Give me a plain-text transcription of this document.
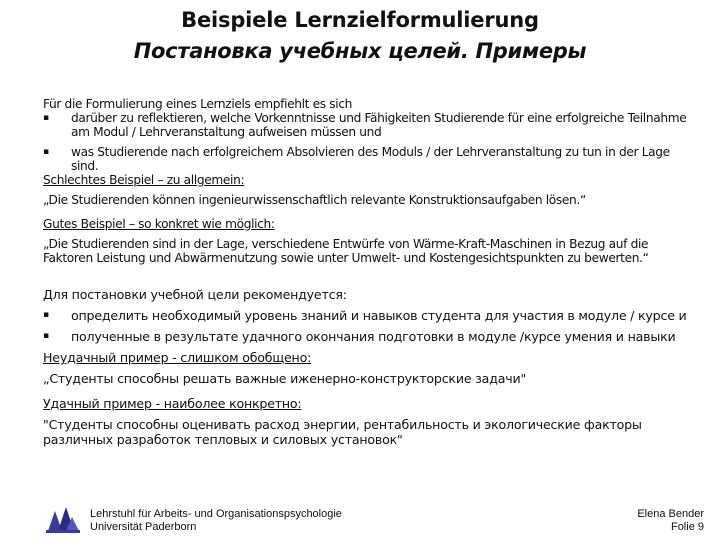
Beispiele Lernzielformulierung
Постановка учебных целей. Примеры

Für die Formulierung eines Lernziels empfiehlt es sich

▪	darüber zu reflektieren, welche Vorkenntnisse und Fähigkeiten Studierende für eine erfolgreiche Teilnahme am Modul / Lehrveranstaltung aufweisen müssen und
▪	was Studierende nach erfolgreichem Absolvieren des Moduls / der Lehrveranstaltung zu tun in der Lage sind.

Schlechtes Beispiel – zu allgemein:

„Die Studierenden können ingenieurwissenschaftlich relevante Konstruktionsaufgaben lösen.“

Gutes Beispiel – so konkret wie möglich:

„Die Studierenden sind in der Lage, verschiedene Entwürfe von Wärme-Kraft-Maschinen in Bezug auf die Faktoren Leistung und Abwärmenutzung sowie unter Umwelt- und Kostengesichtspunkten zu bewerten.“

Для постановки учебной цели рекомендуется:

▪	определить необходимый уровень знаний и навыков студента для участия в модуле / курсе и
▪	полученные в результате удачного окончания подготовки в модуле /курсе умения и навыки

Неудачный пример - слишком обобщено:

„Студенты способны решать важные иженерно-конструкторские задачи"

Удачный пример - наиболее конкретно:

"Студенты способны оценивать расход энергии, рентабильность и экологические факторы различных разработок тепловых и силовых установок"

Lehrstuhl für Arbeits- und Organisationspsychologie
Universität Paderborn
Elena Bender
Folie 9
